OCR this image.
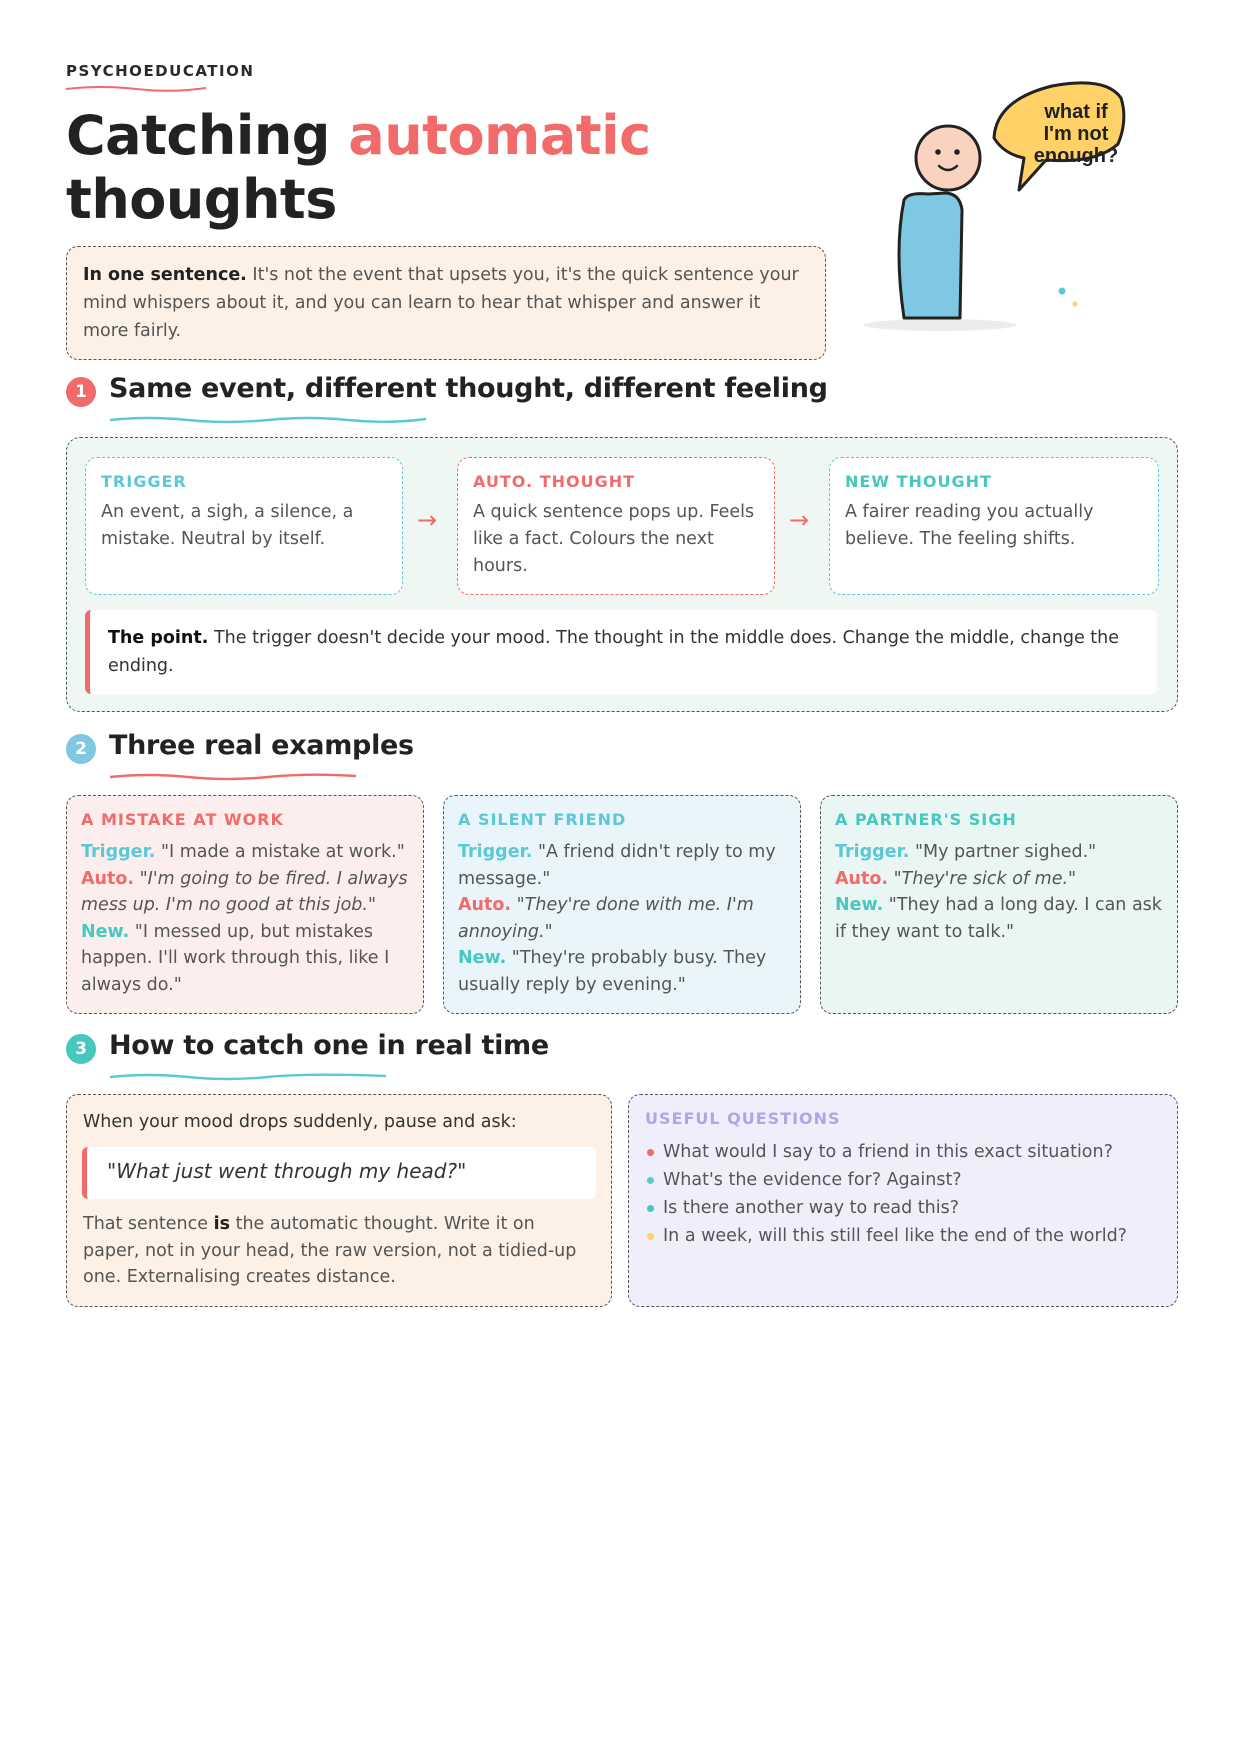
PSYCHOEDUCATION
Catching automatic
thoughts
In one sentence. It's not the event that upsets you, it's the quick sentence your mind whispers about it, and you can learn to hear that whisper and answer it more fairly.
what if
I'm not
enough?
1 Same event, different thought, different feeling
TRIGGER
An event, a sigh, a silence, a mistake. Neutral by itself.
→
AUTO. THOUGHT
A quick sentence pops up. Feels like a fact. Colours the next hours.
→
NEW THOUGHT
A fairer reading you actually believe. The feeling shifts.
The point. The trigger doesn't decide your mood. The thought in the middle does. Change the middle, change the ending.
2 Three real examples
A MISTAKE AT WORK
Trigger. "I made a mistake at work."
Auto. "I'm going to be fired. I always mess up. I'm no good at this job."
New. "I messed up, but mistakes happen. I'll work through this, like I always do."
A SILENT FRIEND
Trigger. "A friend didn't reply to my message."
Auto. "They're done with me. I'm annoying."
New. "They're probably busy. They usually reply by evening."
A PARTNER'S SIGH
Trigger. "My partner sighed."
Auto. "They're sick of me."
New. "They had a long day. I can ask if they want to talk."
3 How to catch one in real time
When your mood drops suddenly, pause and ask:
"What just went through my head?"
That sentence is the automatic thought. Write it on paper, not in your head, the raw version, not a tidied-up one. Externalising creates distance.
USEFUL QUESTIONS
What would I say to a friend in this exact situation?
What's the evidence for? Against?
Is there another way to read this?
In a week, will this still feel like the end of the world?
